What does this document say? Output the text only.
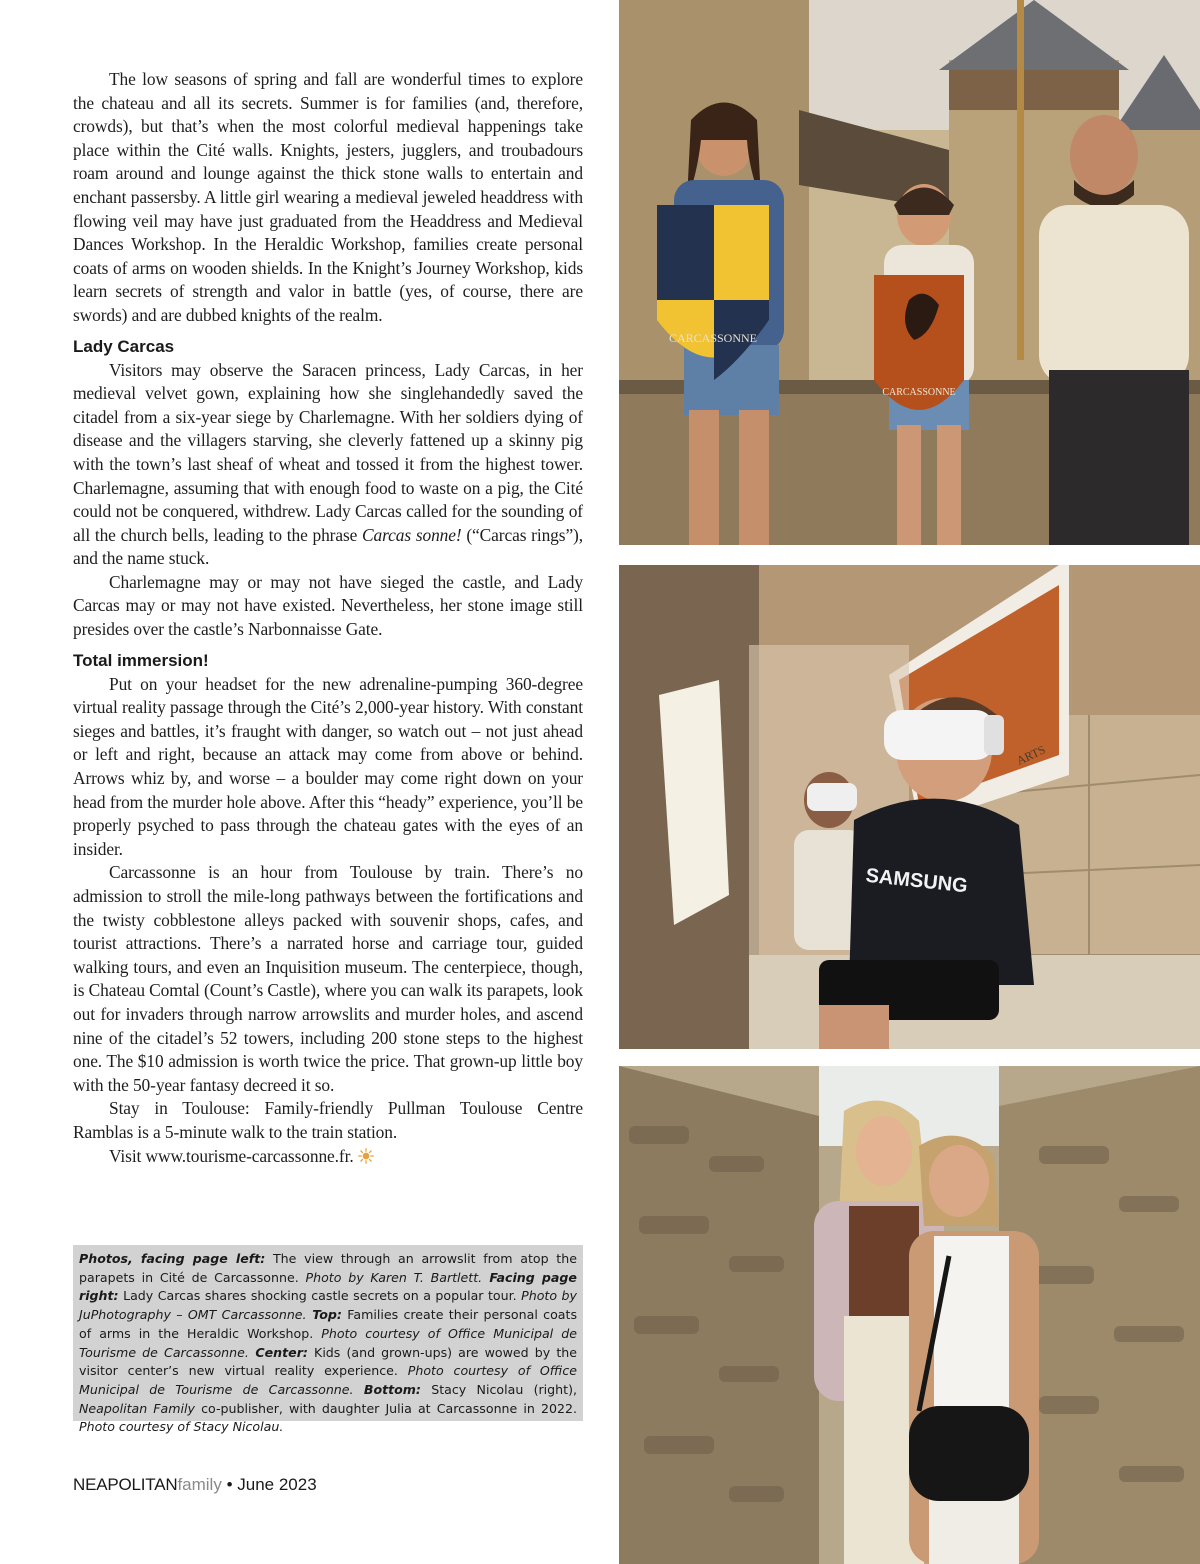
The low seasons of spring and fall are wonderful times to explore the chateau and all its secrets. Summer is for families (and, therefore, crowds), but that’s when the most colorful medieval happenings take place within the Cité walls. Knights, jesters, jugglers, and troubadours roam around and lounge against the thick stone walls to entertain and enchant passersby. A little girl wearing a medieval jeweled headdress with flowing veil may have just graduated from the Headdress and Medieval Dances Workshop. In the Heraldic Workshop, families create personal coats of arms on wooden shields. In the Knight’s Journey Workshop, kids learn secrets of strength and valor in battle (yes, of course, there are swords) and are dubbed knights of the realm.

Lady Carcas

Visitors may observe the Saracen princess, Lady Carcas, in her medieval velvet gown, explaining how she singlehandedly saved the citadel from a six-year siege by Charlemagne. With her soldiers dying of disease and the villagers starving, she cleverly fattened up a skinny pig with the town’s last sheaf of wheat and tossed it from the highest tower. Charlemagne, assuming that with enough food to waste on a pig, the Cité could not be conquered, withdrew. Lady Carcas called for the sounding of all the church bells, leading to the phrase Carcas sonne! (“Carcas rings”), and the name stuck.

Charlemagne may or may not have sieged the castle, and Lady Carcas may or may not have existed. Nevertheless, her stone image still presides over the castle’s Narbonnaisse Gate.

Total immersion!

Put on your headset for the new adrenaline-pumping 360-degree virtual reality passage through the Cité’s 2,000-year history. With constant sieges and battles, it’s fraught with danger, so watch out – not just ahead or left and right, because an attack may come from above or behind. Arrows whiz by, and worse – a boulder may come right down on your head from the murder hole above. After this “heady” experience, you’ll be properly psyched to pass through the chateau gates with the eyes of an insider.

Carcassonne is an hour from Toulouse by train. There’s no admission to stroll the mile-long pathways between the fortifications and the twisty cobblestone alleys packed with souvenir shops, cafes, and tourist attractions. There’s a narrated horse and carriage tour, guided walking tours, and even an Inquisition museum. The centerpiece, though, is Chateau Comtal (Count’s Castle), where you can walk its parapets, look out for invaders through narrow arrowslits and murder holes, and ascend nine of the citadel’s 52 towers, including 200 stone steps to the highest one. The $10 admission is worth twice the price. That grown-up little boy with the 50-year fantasy decreed it so.

Stay in Toulouse: Family-friendly Pullman Toulouse Centre Ramblas is a 5-minute walk to the train station.

Visit www.tourisme-carcassonne.fr.

Photos, facing page left: The view through an arrowslit from atop the parapets in Cité de Carcassonne. Photo by Karen T. Bartlett. Facing page right: Lady Carcas shares shocking castle secrets on a popular tour. Photo by JuPhotography – OMT Carcassonne. Top: Families create their personal coats of arms in the Heraldic Workshop. Photo courtesy of Office Municipal de Tourisme de Carcassonne. Center: Kids (and grown-ups) are wowed by the visitor center’s new virtual reality experience. Photo courtesy of Office Municipal de Tourisme de Carcassonne. Bottom: Stacy Nicolau (right), Neapolitan Family co-publisher, with daughter Julia at Carcassonne in 2022. Photo courtesy of Stacy Nicolau.
NEAPOLITANfamily • June 2023
CARCASSONNE
CARCASSONNE
ARTS
SAMSUNG
